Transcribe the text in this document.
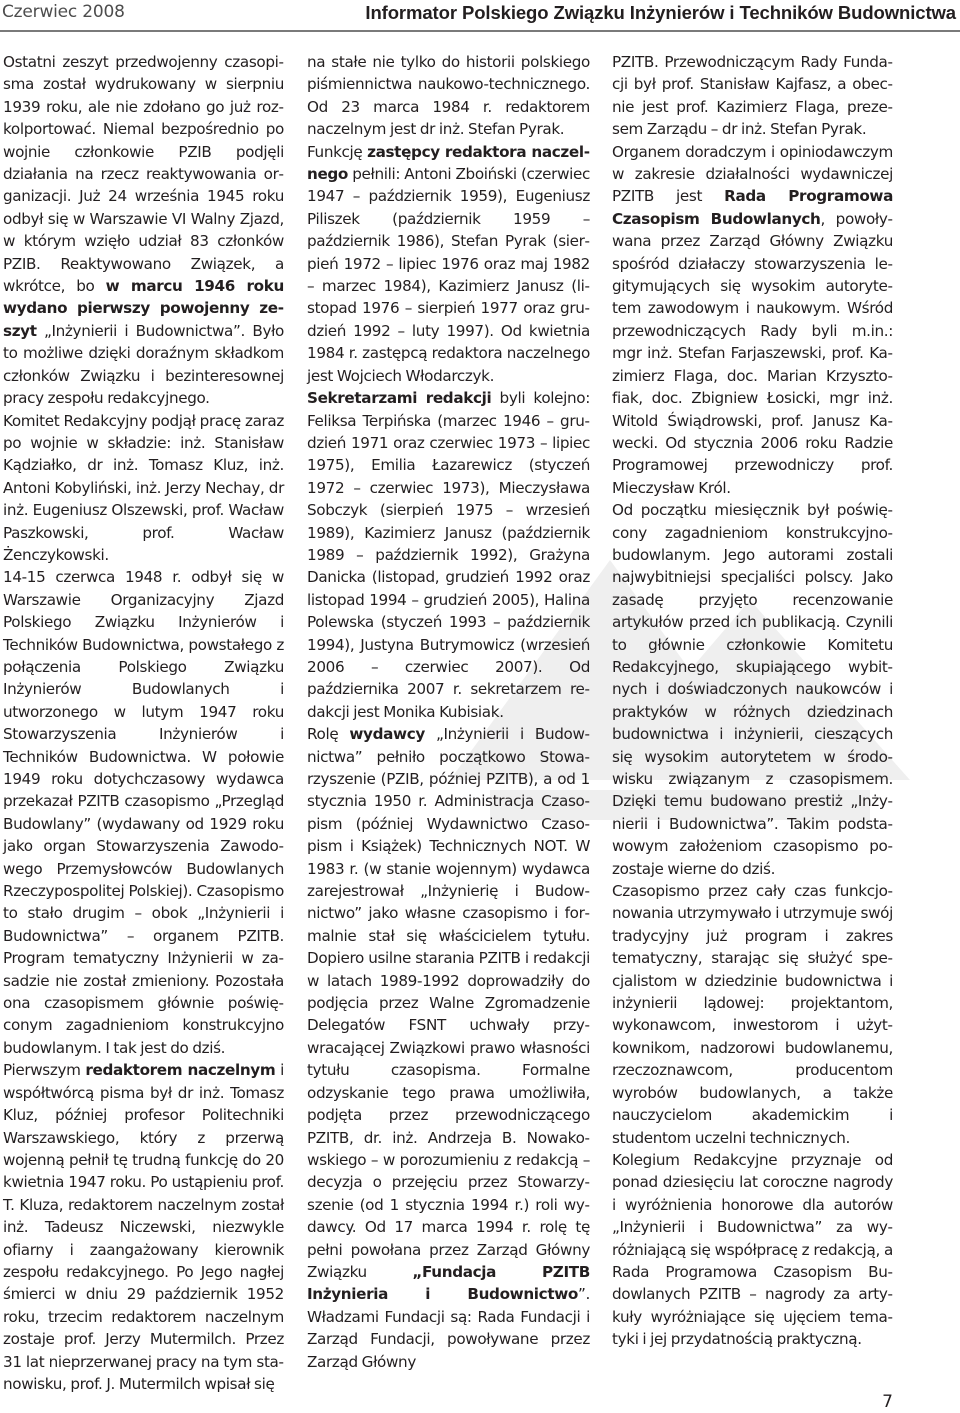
Czerwiec 2008	Informator Polskiego Związku Inżynierów i Techników Budownictwa

Ostatni zeszyt przedwojenny czasopisma został wydrukowany w sierpniu 1939 roku, ale nie zdołano go już rozkolportować. Niemal bezpośrednio po wojnie członkowie PZIB podjęli działania na rzecz reaktywowania organizacji. Już 24 września 1945 roku odbył się w Warszawie VI Walny Zjazd, w którym wzięło udział 83 członków PZIB. Reaktywowano Związek, a wkrótce, bo w marcu 1946 roku wydano pierwszy powojenny zeszyt „Inżynierii i Budownictwa”. Było to możliwe dzięki doraźnym składkom członków Związku i bezinteresownej pracy zespołu redakcyjnego.

Komitet Redakcyjny podjął pracę zaraz po wojnie w składzie: inż. Stanisław Kądziałko, dr inż. Tomasz Kluz, inż. Antoni Kobyliński, inż. Jerzy Nechay, dr inż. Eugeniusz Olszewski, prof. Wacław Paszkowski, prof. Wacław Żenczykowski.

14-15 czerwca 1948 r. odbył się w Warszawie Organizacyjny Zjazd Polskiego Związku Inżynierów i Techników Budownictwa, powstałego z połączenia Polskiego Związku Inżynierów Budowlanych i utworzonego w lutym 1947 roku Stowarzyszenia Inżynierów i Techników Budownictwa. W połowie 1949 roku dotychczasowy wydawca przekazał PZITB czasopismo „Przegląd Budowlany” (wydawany od 1929 roku jako organ Stowarzyszenia Zawodowego Przemysłowców Budowlanych Rzeczypospolitej Polskiej). Czasopismo to stało drugim – obok „Inżynierii i Budownictwa” – organem PZITB. Program tematyczny Inżynierii w zasadzie nie został zmieniony. Pozostała ona czasopismem głównie poświęconym zagadnieniom konstrukcyjno budowlanym. I tak jest do dziś.

Pierwszym redaktorem naczelnym i współtwórcą pisma był dr inż. Tomasz Kluz, później profesor Politechniki Warszawskiego, który z przerwą wojenną pełnił tę trudną funkcję do 20 kwietnia 1947 roku. Po ustąpieniu prof. T. Kluza, redaktorem naczelnym został inż. Tadeusz Niczewski, niezwykle ofiarny i zaangażowany kierownik zespołu redakcyjnego. Po Jego nagłej śmierci w dniu 29 październik 1952 roku, trzecim redaktorem naczelnym zostaje prof. Jerzy Mutermilch. Przez 31 lat nieprzerwanej pracy na tym stanowisku, prof. J. Mutermilch wpisał się

na stałe nie tylko do historii polskiego piśmiennictwa naukowo-technicznego. Od 23 marca 1984 r. redaktorem naczelnym jest dr inż. Stefan Pyrak.

Funkcję zastępcy redaktora naczelnego pełnili: Antoni Zboiński (czerwiec 1947 – październik 1959), Eugeniusz Piliszek (październik 1959 – październik 1986), Stefan Pyrak (sierpień 1972 – lipiec 1976 oraz maj 1982 – marzec 1984), Kazimierz Janusz (listopad 1976 – sierpień 1977 oraz grudzień 1992 – luty 1997). Od kwietnia 1984 r. zastępcą redaktora naczelnego jest Wojciech Włodarczyk.

Sekretarzami redakcji byli kolejno: Feliksa Terpińska (marzec 1946 – grudzień 1971 oraz czerwiec 1973 – lipiec 1975), Emilia Łazarewicz (styczeń 1972 – czerwiec 1973), Mieczysława Sobczyk (sierpień 1975 – wrzesień 1989), Kazimierz Janusz (październik 1989 – październik 1992), Grażyna Danicka (listopad, grudzień 1992 oraz listopad 1994 – grudzień 2005), Halina Polewska (styczeń 1993 – październik 1994), Justyna Butrymowicz (wrzesień 2006 – czerwiec 2007). Od października 2007 r. sekretarzem redakcji jest Monika Kubisiak.

Rolę wydawcy „Inżynierii i Budownictwa” pełniło początkowo Stowarzyszenie (PZIB, później PZITB), a od 1 stycznia 1950 r. Administracja Czasopism (później Wydawnictwo Czasopism i Książek) Technicznych NOT. W 1983 r. (w stanie wojennym) wydawca zarejestrował „Inżynierię i Budownictwo” jako własne czasopismo i formalnie stał się właścicielem tytułu. Dopiero usilne starania PZITB i redakcji w latach 1989-1992 doprowadziły do podjęcia przez Walne Zgromadzenie Delegatów FSNT uchwały przywracającej Związkowi prawo własności tytułu czasopisma. Formalne odzyskanie tego prawa umożliwiła, podjęta przez przewodniczącego PZITB, dr. inż. Andrzeja B. Nowakowskiego – w porozumieniu z redakcją – decyzja o przejęciu przez Stowarzyszenie (od 1 stycznia 1994 r.) roli wydawcy. Od 17 marca 1994 r. rolę tę pełni powołana przez Zarząd Główny Związku „Fundacja PZITB Inżynieria i Budownictwo”. Władzami Fundacji są: Rada Fundacji i Zarząd Fundacji, powoływane przez Zarząd Główny

PZITB. Przewodniczącym Rady Fundacji był prof. Stanisław Kajfasz, a obecnie jest prof. Kazimierz Flaga, prezesem Zarządu – dr inż. Stefan Pyrak.

Organem doradczym i opiniodawczym w zakresie działalności wydawniczej PZITB jest Rada Programowa Czasopism Budowlanych, powoływana przez Zarząd Główny Związku spośród działaczy stowarzyszenia legitymujących się wysokim autorytetem zawodowym i naukowym. Wśród przewodniczących Rady byli m.in.: mgr inż. Stefan Farjaszewski, prof. Kazimierz Flaga, doc. Marian Krzysztofiak, doc. Zbigniew Łosicki, mgr inż. Witold Świądrowski, prof. Janusz Kawecki. Od stycznia 2006 roku Radzie Programowej przewodniczy prof. Mieczysław Król.

Od początku miesięcznik był poświęcony zagadnieniom konstrukcyjnobudowlanym. Jego autorami zostali najwybitniejsi specjaliści polscy. Jako zasadę przyjęto recenzowanie artykułów przed ich publikacją. Czynili to głównie członkowie Komitetu Redakcyjnego, skupiającego wybitnych i doświadczonych naukowców i praktyków w różnych dziedzinach budownictwa i inżynierii, cieszących się wysokim autorytetem w środowisku związanym z czasopismem. Dzięki temu budowano prestiż „Inżynierii i Budownictwa”. Takim podstawowym założeniom czasopismo pozostaje wierne do dziś.

Czasopismo przez cały czas funkcjonowania utrzymywało i utrzymuje swój tradycyjny już program i zakres tematyczny, starając się służyć specjalistom w dziedzinie budownictwa i inżynierii lądowej: projektantom, wykonawcom, inwestorom i użytkownikom, nadzorowi budowlanemu, rzeczoznawcom, producentom wyrobów budowlanych, a także nauczycielom akademickim i studentom uczelni technicznych.

Kolegium Redakcyjne przyznaje od ponad dziesięciu lat coroczne nagrody i wyróżnienia honorowe dla autorów „Inżynierii i Budownictwa” za wyróżniającą się współpracę z redakcją, a Rada Programowa Czasopism Budowlanych PZITB – nagrody za artykuły wyróżniające się ujęciem tematyki i jej przydatnością praktyczną.

7
